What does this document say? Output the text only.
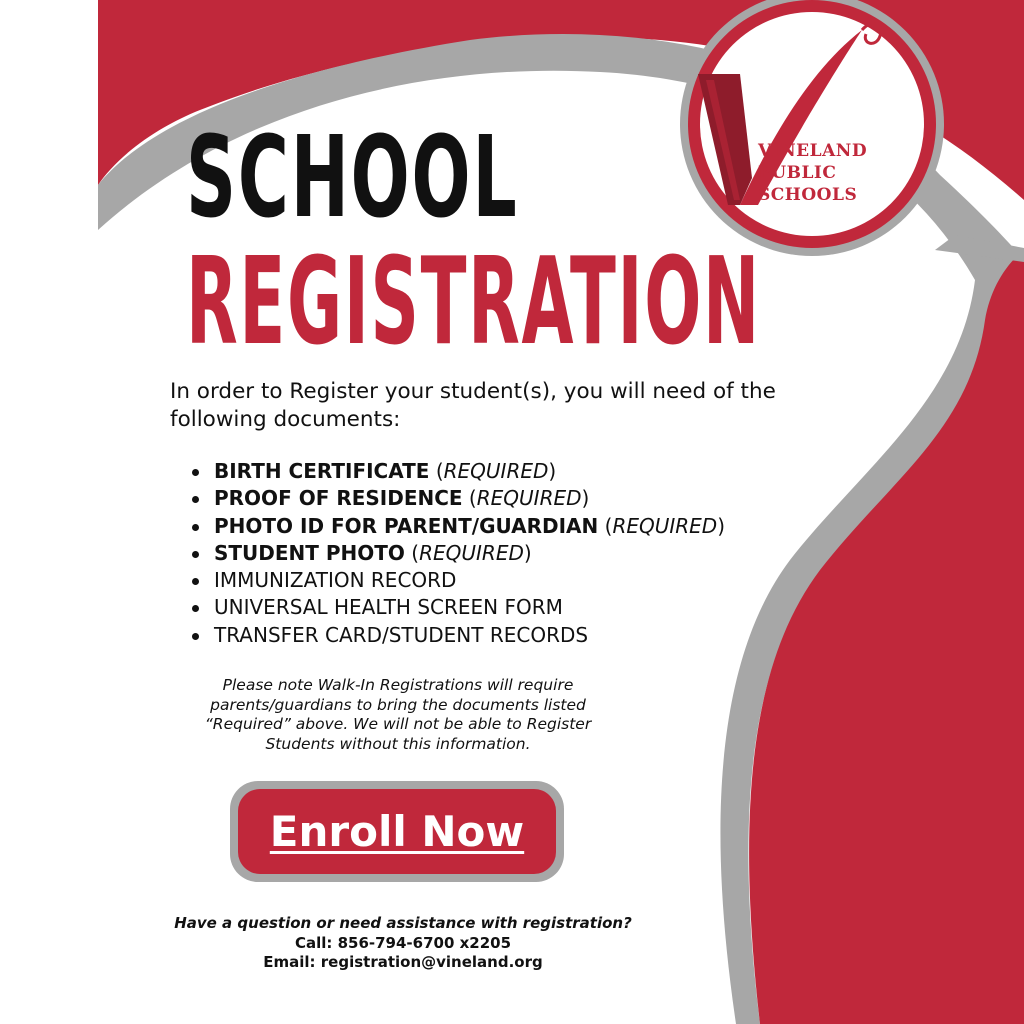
VINELAND
PUBLIC
SCHOOLS
SCHOOL
REGISTRATION
In order to Register your student(s), you will need of the following documents:
BIRTH CERTIFICATE (REQUIRED)
PROOF OF RESIDENCE (REQUIRED)
PHOTO ID FOR PARENT/GUARDIAN (REQUIRED)
STUDENT PHOTO (REQUIRED)
IMMUNIZATION RECORD
UNIVERSAL HEALTH SCREEN FORM
TRANSFER CARD/STUDENT RECORDS
Please note Walk-In Registrations will require parents/guardians to bring the documents listed “Required” above. We will not be able to Register Students without this information.
Enroll Now
Have a question or need assistance with registration?
Call: 856-794-6700 x2205
Email: registration@vineland.org
